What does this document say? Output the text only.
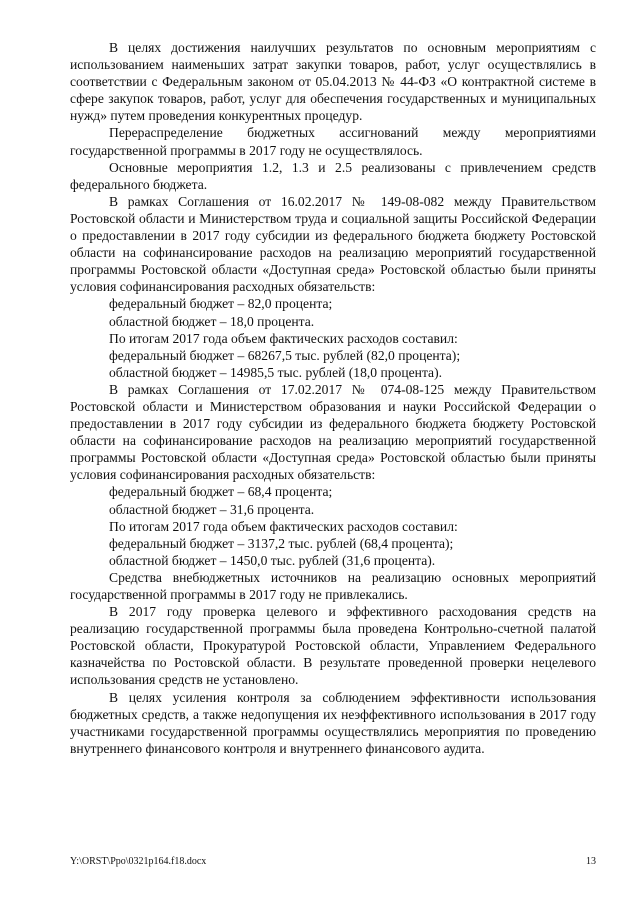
В целях достижения наилучших результатов по основным мероприятиям с использованием наименьших затрат закупки товаров, работ, услуг осуществлялись в соответствии с Федеральным законом от 05.04.2013 № 44-ФЗ «О контрактной системе в сфере закупок товаров, работ, услуг для обеспечения государственных и муниципальных нужд» путем проведения конкурентных процедур.

Перераспределение бюджетных ассигнований между мероприятиями государственной программы в 2017 году не осуществлялось.

Основные мероприятия 1.2, 1.3 и 2.5 реализованы с привлечением средств федерального бюджета.

В рамках Соглашения от 16.02.2017 № 149-08-082 между Правительством Ростовской области и Министерством труда и социальной защиты Российской Федерации о предоставлении в 2017 году субсидии из федерального бюджета бюджету Ростовской области на софинансирование расходов на реализацию мероприятий государственной программы Ростовской области «Доступная среда» Ростовской областью были приняты условия софинансирования расходных обязательств:

федеральный бюджет – 82,0 процента;

областной бюджет – 18,0 процента.

По итогам 2017 года объем фактических расходов составил:

федеральный бюджет – 68267,5 тыс. рублей (82,0 процента);

областной бюджет – 14985,5 тыс. рублей (18,0 процента).

В рамках Соглашения от 17.02.2017 № 074-08-125 между Правительством Ростовской области и Министерством образования и науки Российской Федерации о предоставлении в 2017 году субсидии из федерального бюджета бюджету Ростовской области на софинансирование расходов на реализацию мероприятий государственной программы Ростовской области «Доступная среда» Ростовской областью были приняты условия софинансирования расходных обязательств:

федеральный бюджет – 68,4 процента;

областной бюджет – 31,6 процента.

По итогам 2017 года объем фактических расходов составил:

федеральный бюджет – 3137,2 тыс. рублей (68,4 процента);

областной бюджет – 1450,0 тыс. рублей (31,6 процента).

Средства внебюджетных источников на реализацию основных мероприятий государственной программы в 2017 году не привлекались.

В 2017 году проверка целевого и эффективного расходования средств на реализацию государственной программы была проведена Контрольно-счетной палатой Ростовской области, Прокуратурой Ростовской области, Управлением Федерального казначейства по Ростовской области. В результате проведенной проверки нецелевого использования средств не установлено.

В целях усиления контроля за соблюдением эффективности использования бюджетных средств, а также недопущения их неэффективного использования в 2017 году участниками государственной программы осуществлялись мероприятия по проведению внутреннего финансового контроля и внутреннего финансового аудита.

Y:\ORST\Ppo\0321p164.f18.docx	13
